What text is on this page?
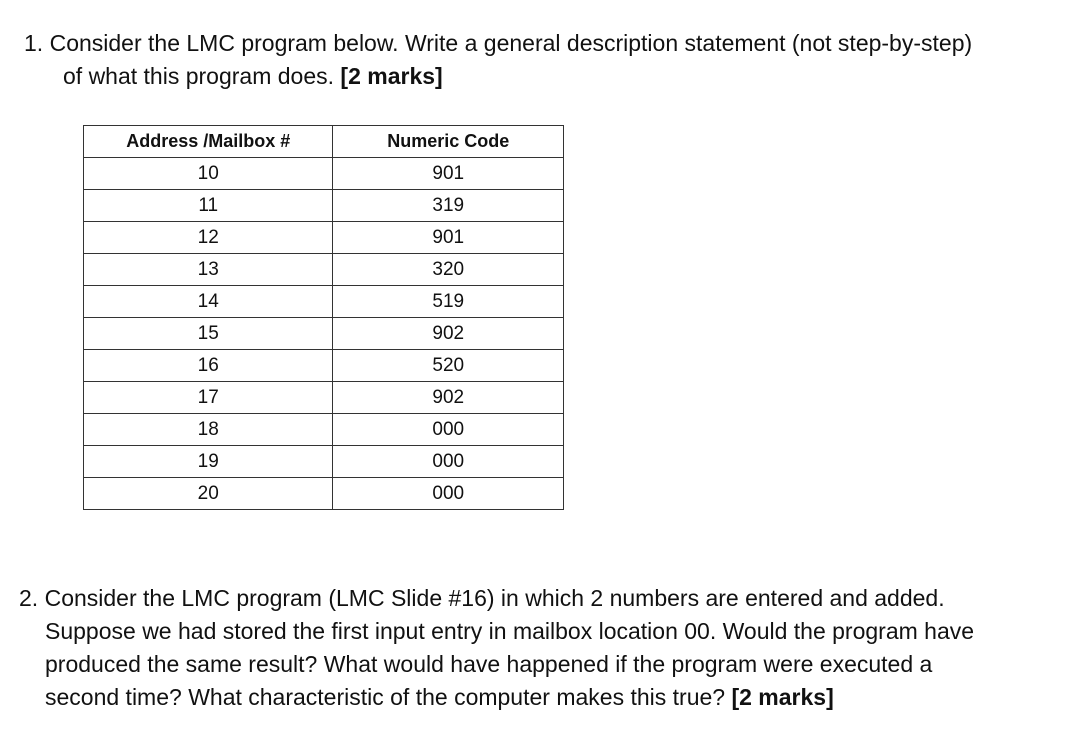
1. Consider the LMC program below. Write a general description statement (not step-by-step)
of what this program does. [2 marks]

Address /Mailbox #	Numeric Code
10	901
11	319
12	901
13	320
14	519
15	902
16	520
17	902
18	000
19	000
20	000

2. Consider the LMC program (LMC Slide #16) in which 2 numbers are entered and added.
Suppose we had stored the first input entry in mailbox location 00. Would the program have
produced the same result? What would have happened if the program were executed a
second time? What characteristic of the computer makes this true? [2 marks]
